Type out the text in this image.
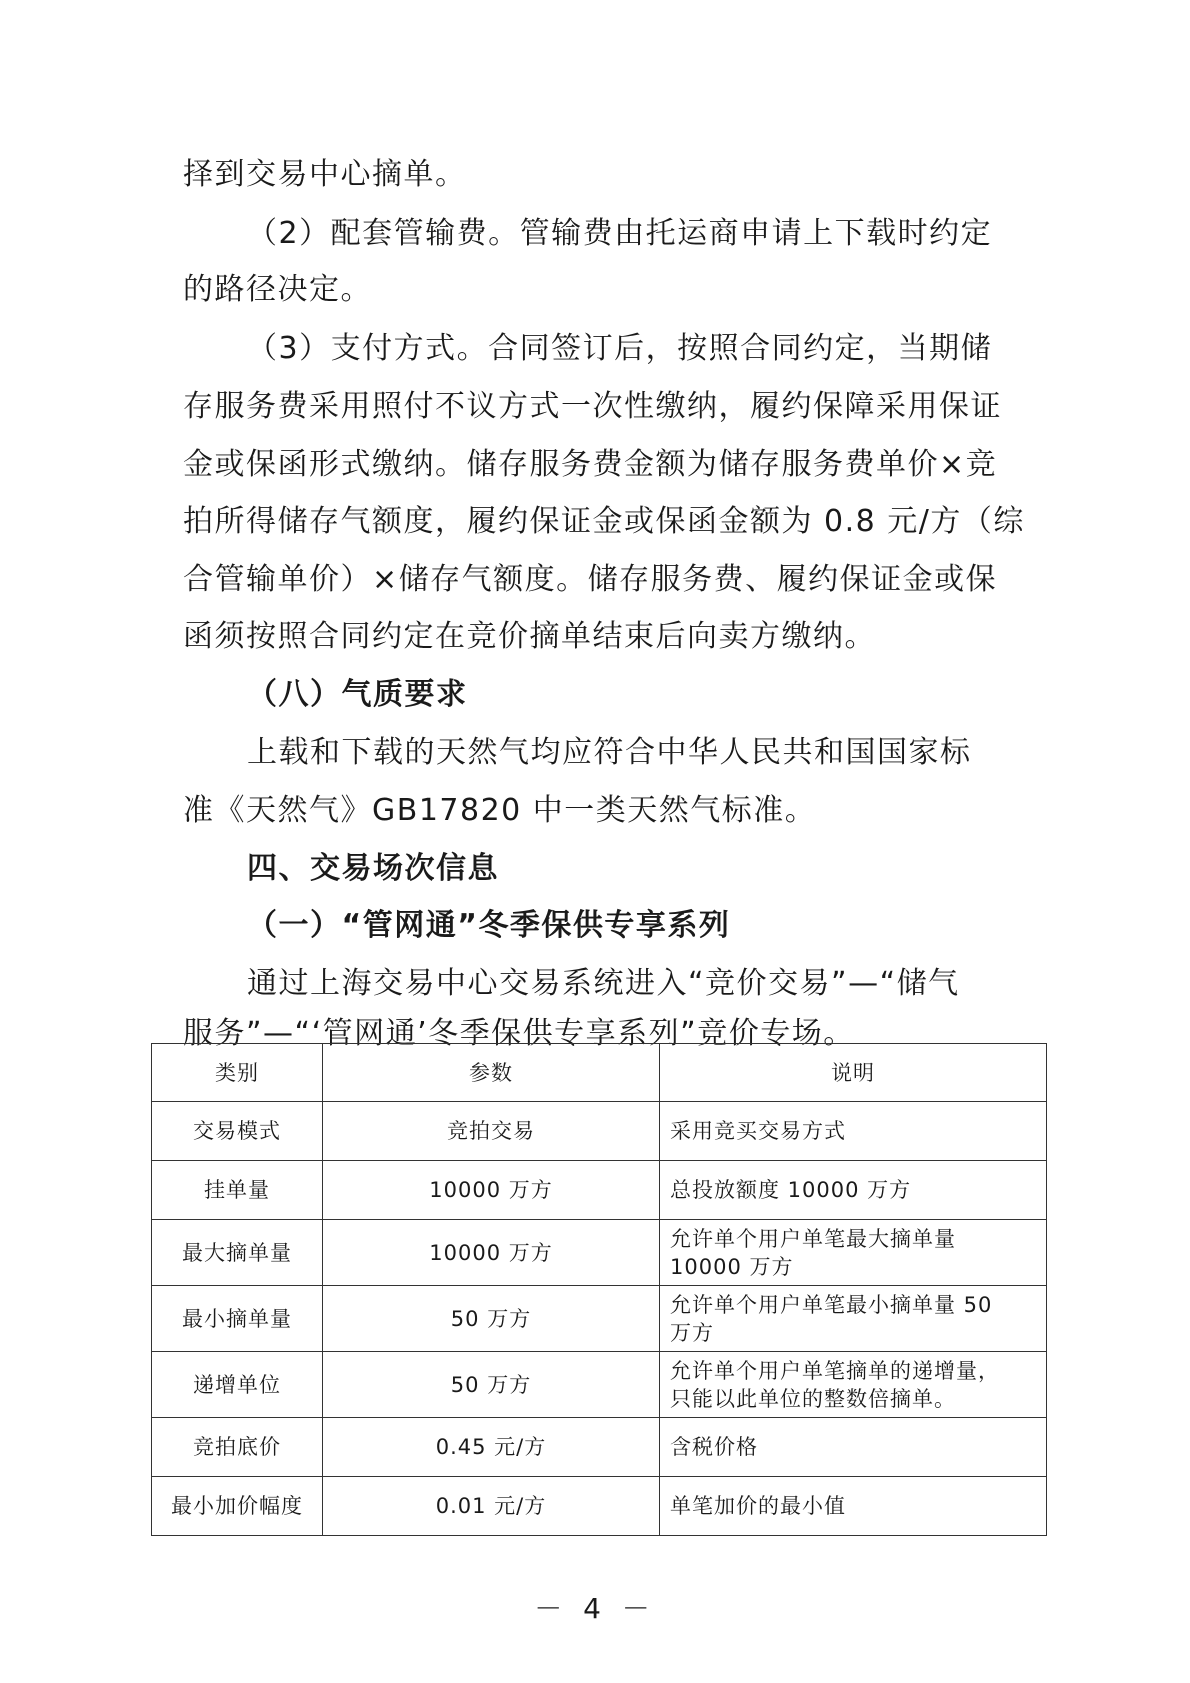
择到交易中心摘单。
（2）配套管输费。管输费由托运商申请上下载时约定
的路径决定。
（3）支付方式。合同签订后，按照合同约定，当期储
存服务费采用照付不议方式一次性缴纳，履约保障采用保证
金或保函形式缴纳。储存服务费金额为储存服务费单价×竞
拍所得储存气额度，履约保证金或保函金额为 0.8 元/方（综
合管输单价）×储存气额度。储存服务费、履约保证金或保
函须按照合同约定在竞价摘单结束后向卖方缴纳。
（八）气质要求
上载和下载的天然气均应符合中华人民共和国国家标
准《天然气》GB17820 中一类天然气标准。
四、交易场次信息
（一）“管网通”冬季保供专享系列
通过上海交易中心交易系统进入“竞价交易”—“储气
服务”—“‘管网通’冬季保供专享系列”竞价专场。
类别	参数	说明
交易模式	竞拍交易	采用竞买交易方式

挂单量	10000 万方	总投放额度 10000 万方

最大摘单量	10000 万方	允许单个用户单笔最大摘单量
10000 万方

最小摘单量	50 万方	允许单个用户单笔最小摘单量 50
万方

递增单位	50 万方	允许单个用户单笔摘单的递增量，
只能以此单位的整数倍摘单。

竞拍底价	0.45 元/方	含税价格

最小加价幅度	0.01 元/方	单笔加价的最小值
－ 4 －
